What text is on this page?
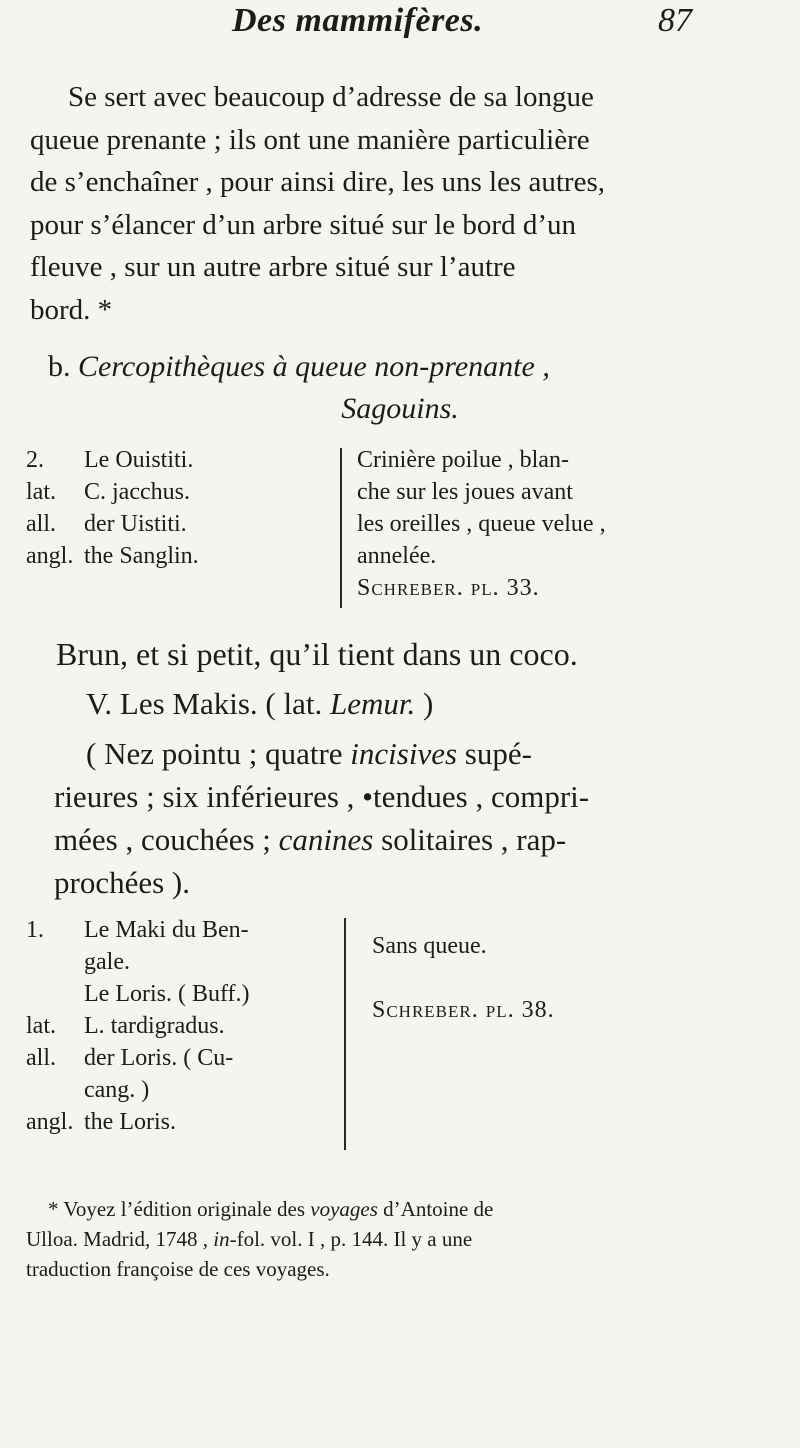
Des mammifères.	87
Se sert avec beaucoup d’adresse de sa longue
queue prenante ; ils ont une manière particulière
de s’enchaîner , pour ainsi dire, les uns les autres,
pour s’élancer d’un arbre situé sur le bord d’un
fleuve , sur un autre arbre situé sur l’autre
bord. *
b. Cercopithèques à queue non-prenante ,
Sagouins.
2. Le Ouistiti.
lat. C. jacchus.
all. der Uistiti.
angl. the Sanglin.
Crinière poilue , blan-
che sur les joues avant
les oreilles , queue velue ,
annelée.
Schreber. pl. 33.
Brun, et si petit, qu’il tient dans un coco.
V. Les Makis. ( lat. Lemur. )
( Nez pointu ; quatre incisives supé-
rieures ; six inférieures , •tendues , compri-
mées , couchées ; canines solitaires , rap-
prochées ).
1. Le Maki du Ben-
gale.
Le Loris. ( Buff.)
lat. L. tardigradus.
all. der Loris. ( Cu-
cang. )
angl. the Loris.
Sans queue.
Schreber. pl. 38.
* Voyez l’édition originale des voyages d’Antoine de
Ulloa. Madrid, 1748 , in-fol. vol. I , p. 144. Il y a une
traduction françoise de ces voyages.
